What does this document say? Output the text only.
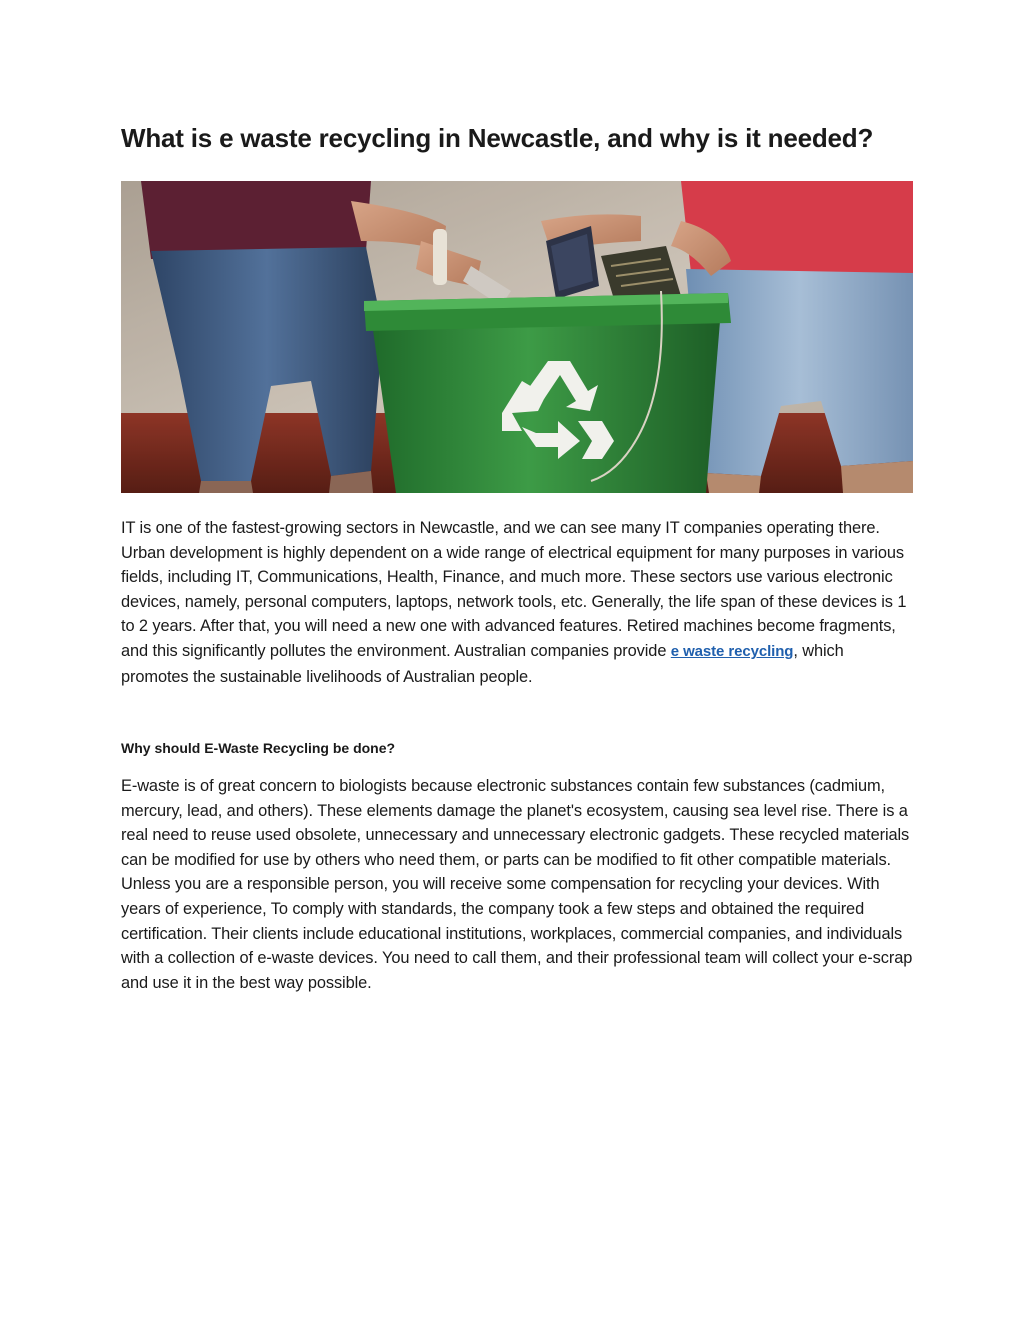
What is e waste recycling in Newcastle, and why is it needed?

IT is one of the fastest-growing sectors in Newcastle, and we can see many IT companies operating there. Urban development is highly dependent on a wide range of electrical equipment for many purposes in various fields, including IT, Communications, Health, Finance, and much more. These sectors use various electronic devices, namely, personal computers, laptops, network tools, etc. Generally, the life span of these devices is 1 to 2 years. After that, you will need a new one with advanced features. Retired machines become fragments, and this significantly pollutes the environment. Australian companies provide e waste recycling, which promotes the sustainable livelihoods of Australian people.

Why should E-Waste Recycling be done?

E-waste is of great concern to biologists because electronic substances contain few substances (cadmium, mercury, lead, and others). These elements damage the planet's ecosystem, causing sea level rise. There is a real need to reuse used obsolete, unnecessary and unnecessary electronic gadgets. These recycled materials can be modified for use by others who need them, or parts can be modified to fit other compatible materials. Unless you are a responsible person, you will receive some compensation for recycling your devices. With years of experience, To comply with standards, the company took a few steps and obtained the required certification. Their clients include educational institutions, workplaces, commercial companies, and individuals with a collection of e-waste devices. You need to call them, and their professional team will collect your e-scrap and use it in the best way possible.
